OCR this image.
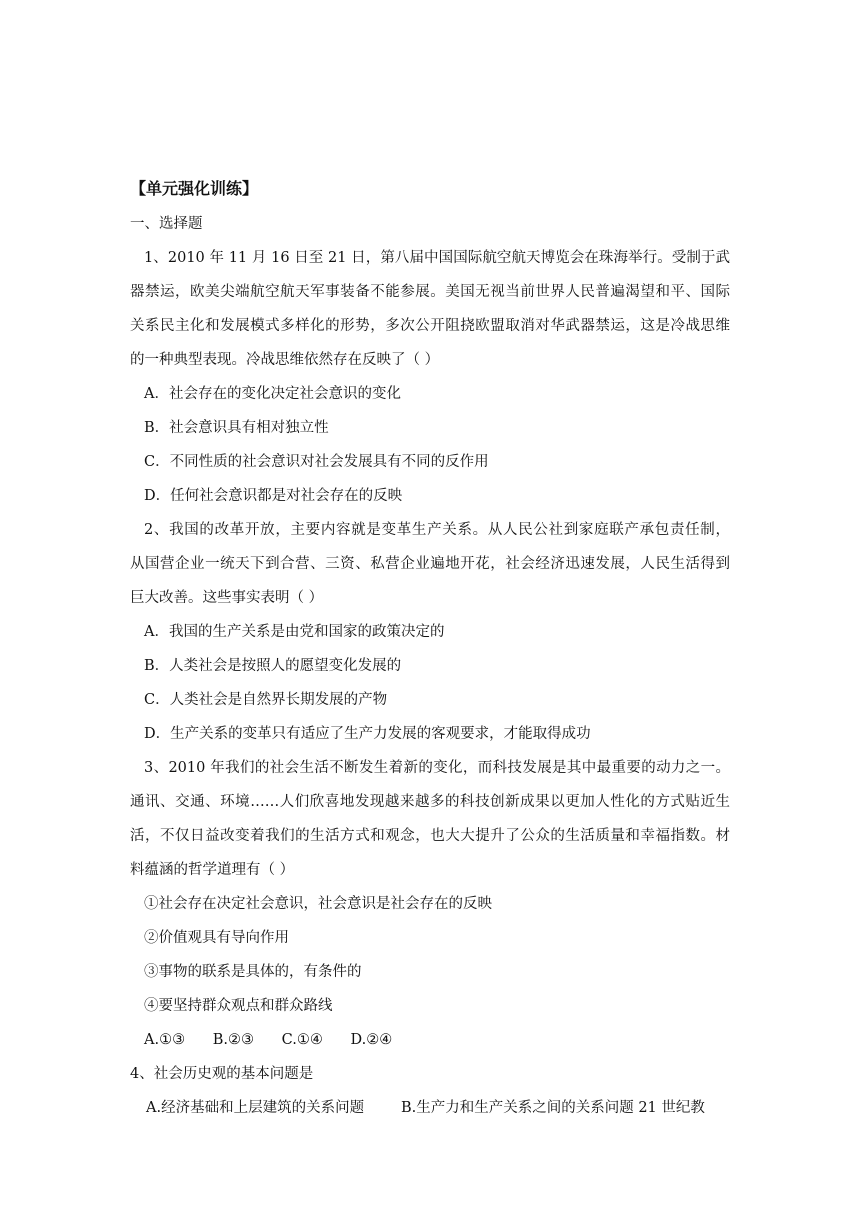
【单元强化训练】
一、选择题
1、2010 年 11 月 16 日至 21 日，第八届中国国际航空航天博览会在珠海举行。受制于武
器禁运，欧美尖端航空航天军事装备不能参展。美国无视当前世界人民普遍渴望和平、国际
关系民主化和发展模式多样化的形势，多次公开阻挠欧盟取消对华武器禁运，这是冷战思维
的一种典型表现。冷战思维依然存在反映了（ ）
A．社会存在的变化决定社会意识的变化
B．社会意识具有相对独立性
C．不同性质的社会意识对社会发展具有不同的反作用
D．任何社会意识都是对社会存在的反映
2、我国的改革开放，主要内容就是变革生产关系。从人民公社到家庭联产承包责任制，
从国营企业一统天下到合营、三资、私营企业遍地开花，社会经济迅速发展，人民生活得到
巨大改善。这些事实表明（ ）
A．我国的生产关系是由党和国家的政策决定的
B．人类社会是按照人的愿望变化发展的
C．人类社会是自然界长期发展的产物
D．生产关系的变革只有适应了生产力发展的客观要求，才能取得成功
3、2010 年我们的社会生活不断发生着新的变化，而科技发展是其中最重要的动力之一。
通讯、交通、环境……人们欣喜地发现越来越多的科技创新成果以更加人性化的方式贴近生
活，不仅日益改变着我们的生活方式和观念，也大大提升了公众的生活质量和幸福指数。材
料蕴涵的哲学道理有（ ）
①社会存在决定社会意识，社会意识是社会存在的反映
②价值观具有导向作用
③事物的联系是具体的，有条件的
④要坚持群众观点和群众路线
A.①③      B.②③      C.①④      D.②④
4、社会历史观的基本问题是
A.经济基础和上层建筑的关系问题        B.生产力和生产关系之间的关系问题 21 世纪教
